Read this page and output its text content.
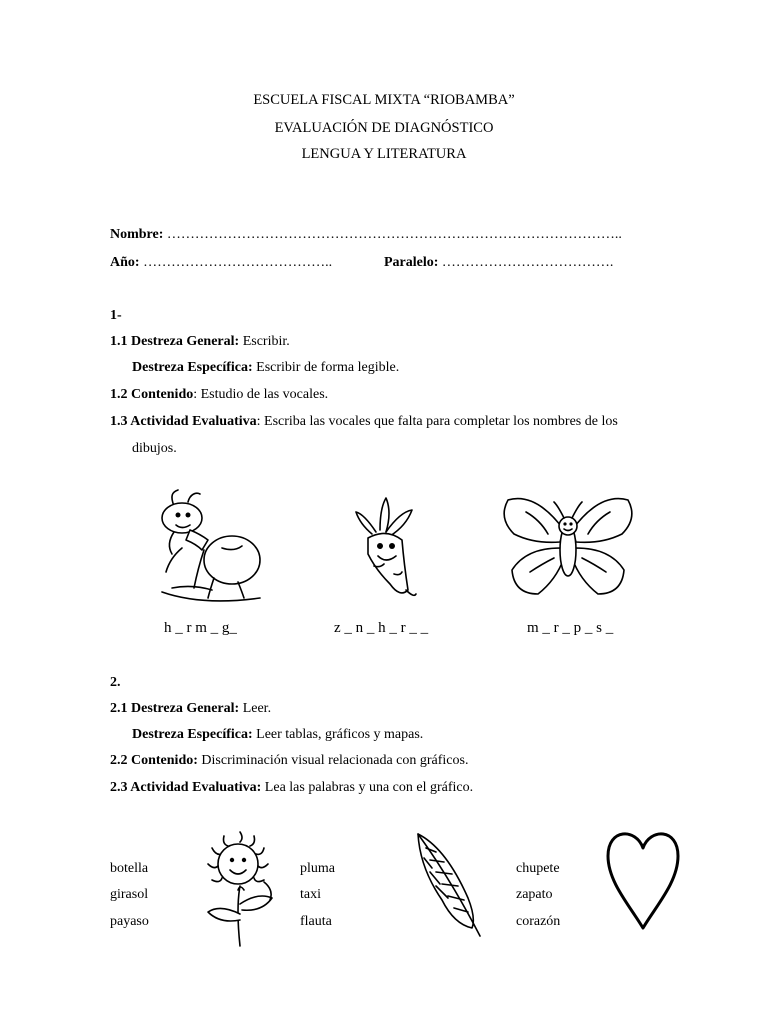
ESCUELA FISCAL MIXTA “RIOBAMBA”
EVALUACIÓN DE DIAGNÓSTICO
LENGUA Y LITERATURA
Nombre: ……………………………………………………………………………………..
Año: …………………………………..	Paralelo: ……………………………….
1-
1.1 Destreza General: Escribir.
Destreza Específica: Escribir de forma legible.
1.2 Contenido: Estudio de las vocales.
1.3 Actividad Evaluativa: Escriba las vocales que falta para completar los nombres de los
dibujos.
h _ r m _ g_	z _ n _ h _ r _ _	m _ r _ p _ s _
2.
2.1 Destreza General: Leer.
Destreza Específica: Leer tablas, gráficos y mapas.
2.2 Contenido: Discriminación visual relacionada con gráficos.
2.3 Actividad Evaluativa: Lea las palabras y una con el gráfico.
botella
girasol
payaso
pluma
taxi
flauta
chupete
zapato
corazón
